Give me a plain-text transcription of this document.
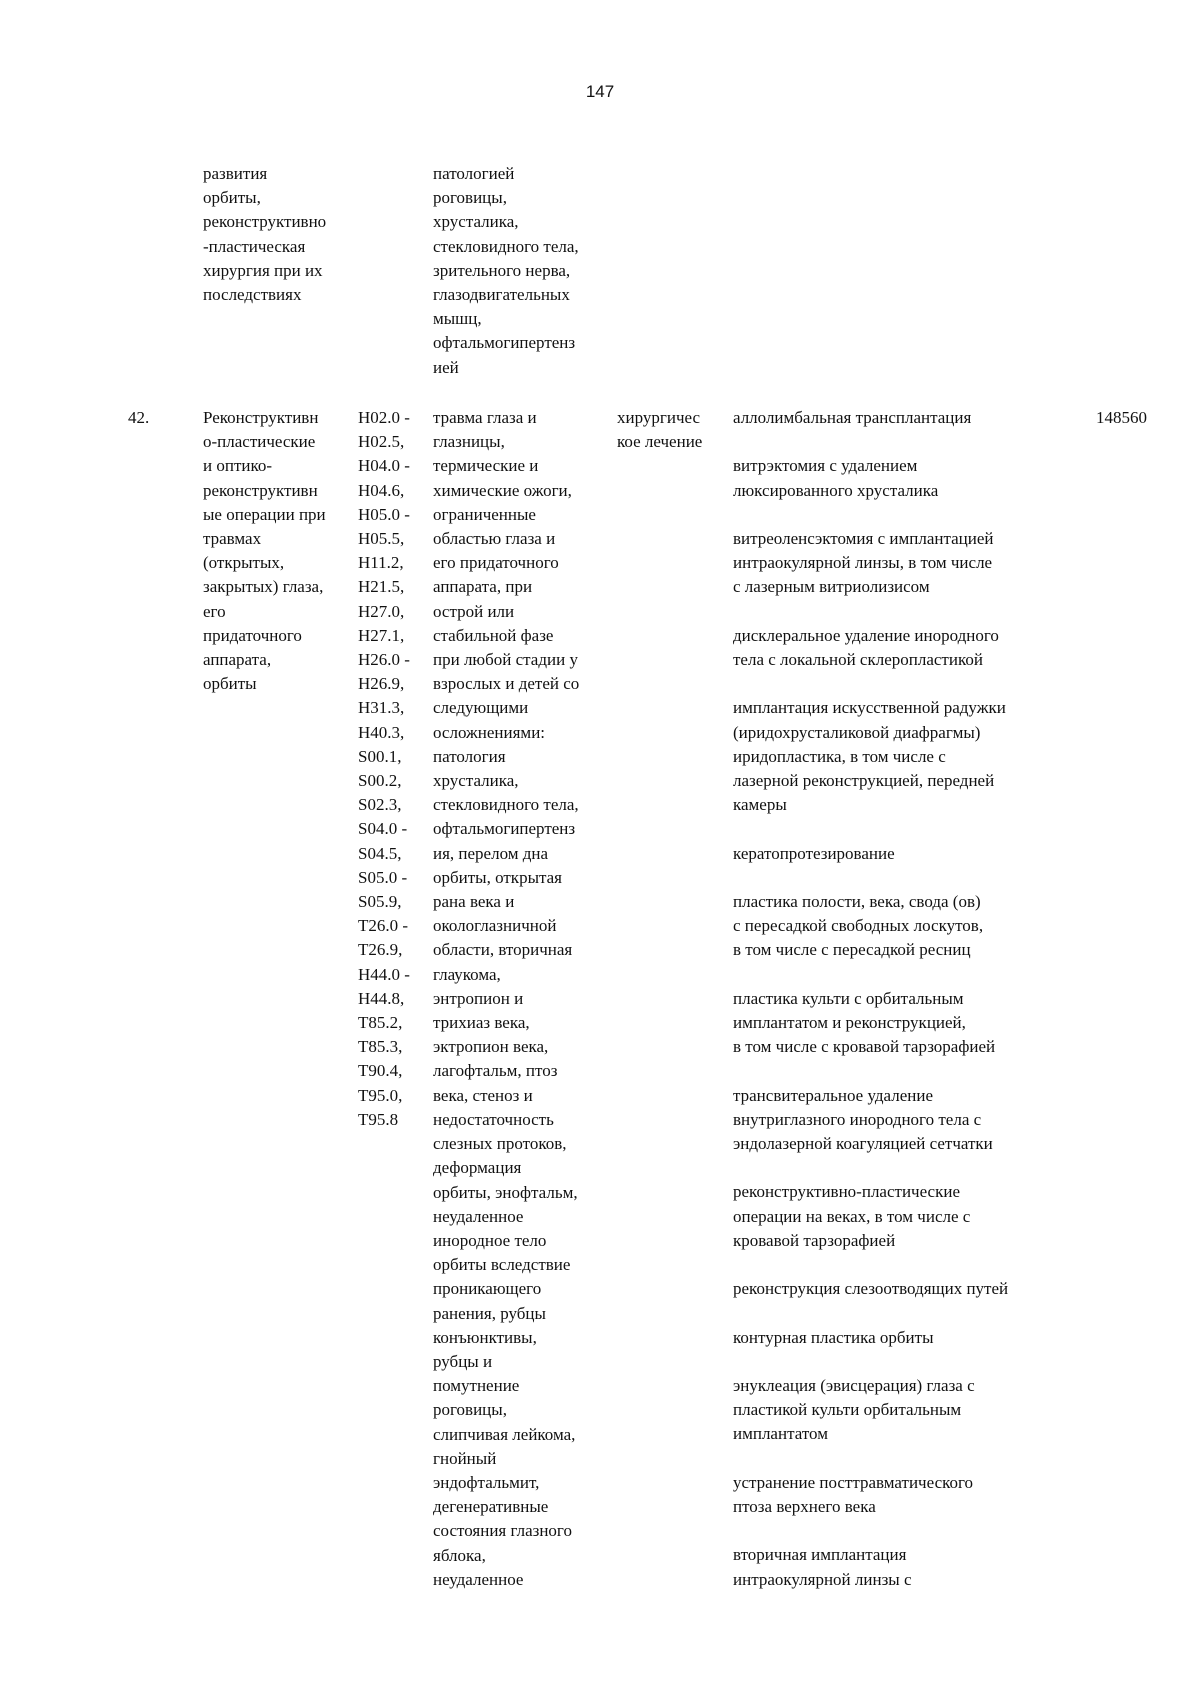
147
развития
орбиты,
реконструктивно
-пластическая
хирургия при их
последствиях
патологией
роговицы,
хрусталика,
стекловидного тела,
зрительного нерва,
глазодвигательных
мышц,
офтальмогипертенз
ией
42.	Реконструктивн
о-пластические
и оптико-
реконструктивн
ые операции при
травмах
(открытых,
закрытых) глаза,
его
придаточного
аппарата,
орбиты
H02.0 -
H02.5,
H04.0 -
H04.6,
H05.0 -
H05.5,
H11.2,
H21.5,
H27.0,
H27.1,
H26.0 -
H26.9,
H31.3,
H40.3,
S00.1,
S00.2,
S02.3,
S04.0 -
S04.5,
S05.0 -
S05.9,
T26.0 -
T26.9,
H44.0 -
H44.8,
T85.2,
T85.3,
T90.4,
T95.0,
T95.8
травма глаза и
глазницы,
термические и
химические ожоги,
ограниченные
областью глаза и
его придаточного
аппарата, при
острой или
стабильной фазе
при любой стадии у
взрослых и детей со
следующими
осложнениями:
патология
хрусталика,
стекловидного тела,
офтальмогипертенз
ия, перелом дна
орбиты, открытая
рана века и
окологлазничной
области, вторичная
глаукома,
энтропион и
трихиаз века,
эктропион века,
лагофтальм, птоз
века, стеноз и
недостаточность
слезных протоков,
деформация
орбиты, энофтальм,
неудаленное
инородное тело
орбиты вследствие
проникающего
ранения, рубцы
конъюнктивы,
рубцы и
помутнение
роговицы,
слипчивая лейкома,
гнойный
эндофтальмит,
дегенеративные
состояния глазного
яблока,
неудаленное
хирургичес
кое лечение
аллолимбальная трансплантация
витрэктомия с удалением
люксированного хрусталика
витреоленсэктомия с имплантацией
интраокулярной линзы, в том числе
с лазерным витриолизисом
дисклеральное удаление инородного
тела с локальной склеропластикой
имплантация искусственной радужки
(иридохрусталиковой диафрагмы)
иридопластика, в том числе с
лазерной реконструкцией, передней
камеры
кератопротезирование
пластика полости, века, свода (ов)
с пересадкой свободных лоскутов,
в том числе с пересадкой ресниц
пластика культи с орбитальным
имплантатом и реконструкцией,
в том числе с кровавой тарзорафией
трансвитеральное удаление
внутриглазного инородного тела с
эндолазерной коагуляцией сетчатки
реконструктивно-пластические
операции на веках, в том числе с
кровавой тарзорафией
реконструкция слезоотводящих путей
контурная пластика орбиты
энуклеация (эвисцерация) глаза с
пластикой культи орбитальным
имплантатом
устранение посттравматического
птоза верхнего века
вторичная имплантация
интраокулярной линзы с
148560
